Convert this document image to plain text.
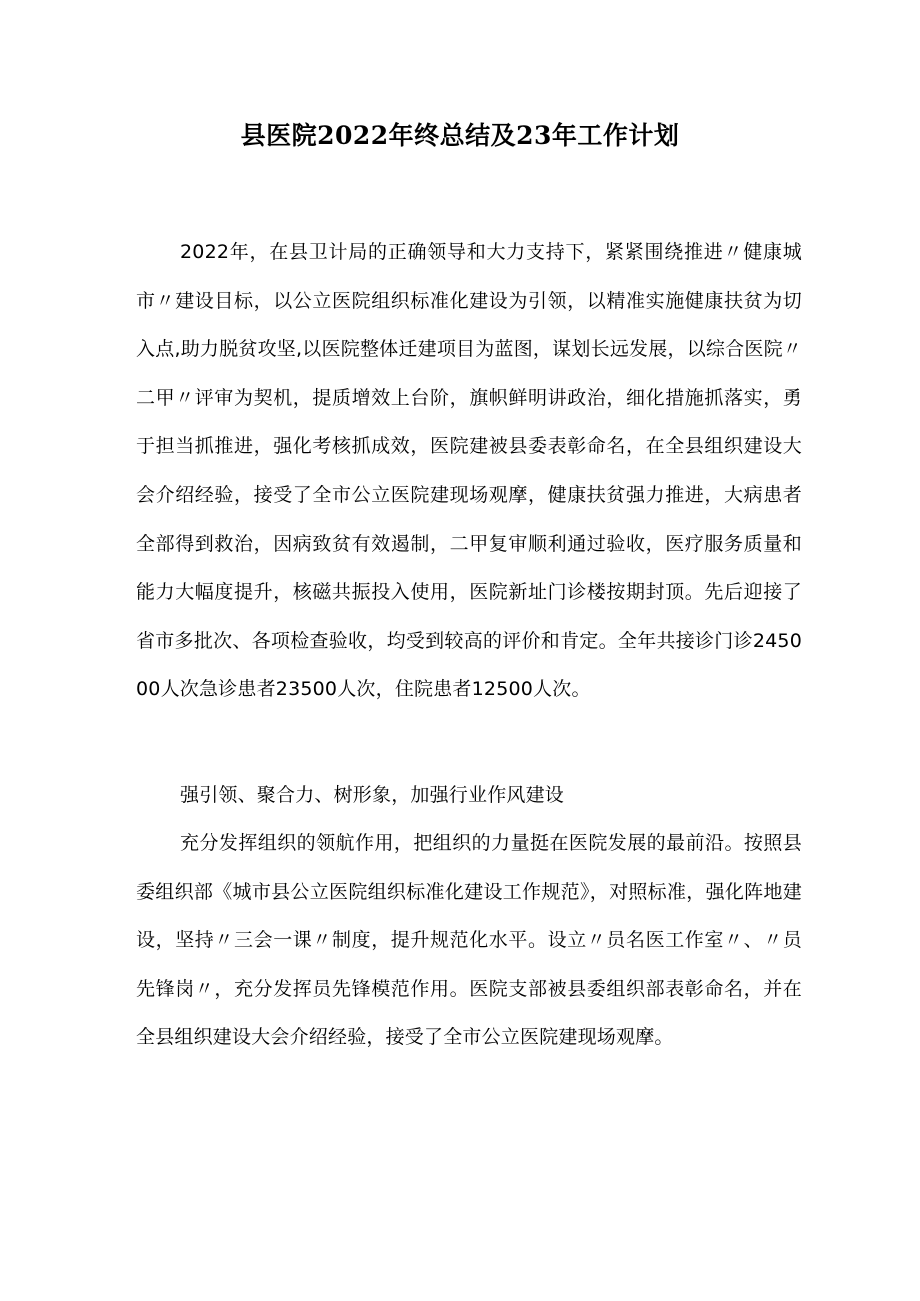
县医院2022年终总结及23年工作计划

2022年，在县卫计局的正确领导和大力支持下，紧紧围绕推进〃健康城市〃建设目标，以公立医院组织标准化建设为引领，以精准实施健康扶贫为切入点,助力脱贫攻坚,以医院整体迁建项目为蓝图，谋划长远发展，以综合医院〃二甲〃评审为契机，提质增效上台阶，旗帜鲜明讲政治，细化措施抓落实，勇于担当抓推进，强化考核抓成效，医院建被县委表彰命名，在全县组织建设大会介绍经验，接受了全市公立医院建现场观摩，健康扶贫强力推进，大病患者全部得到救治，因病致贫有效遏制，二甲复审顺利通过验收，医疗服务质量和能力大幅度提升，核磁共振投入使用，医院新址门诊楼按期封顶。先后迎接了省市多批次、各项检查验收，均受到较高的评价和肯定。全年共接诊门诊245000人次急诊患者23500人次，住院患者12500人次。

强引领、聚合力、树形象，加强行业作风建设

充分发挥组织的领航作用，把组织的力量挺在医院发展的最前沿。按照县委组织部《城市县公立医院组织标准化建设工作规范》，对照标准，强化阵地建设，坚持〃三会一课〃制度，提升规范化水平。设立〃员名医工作室〃、〃员先锋岗〃，充分发挥员先锋模范作用。医院支部被县委组织部表彰命名，并在全县组织建设大会介绍经验，接受了全市公立医院建现场观摩。
